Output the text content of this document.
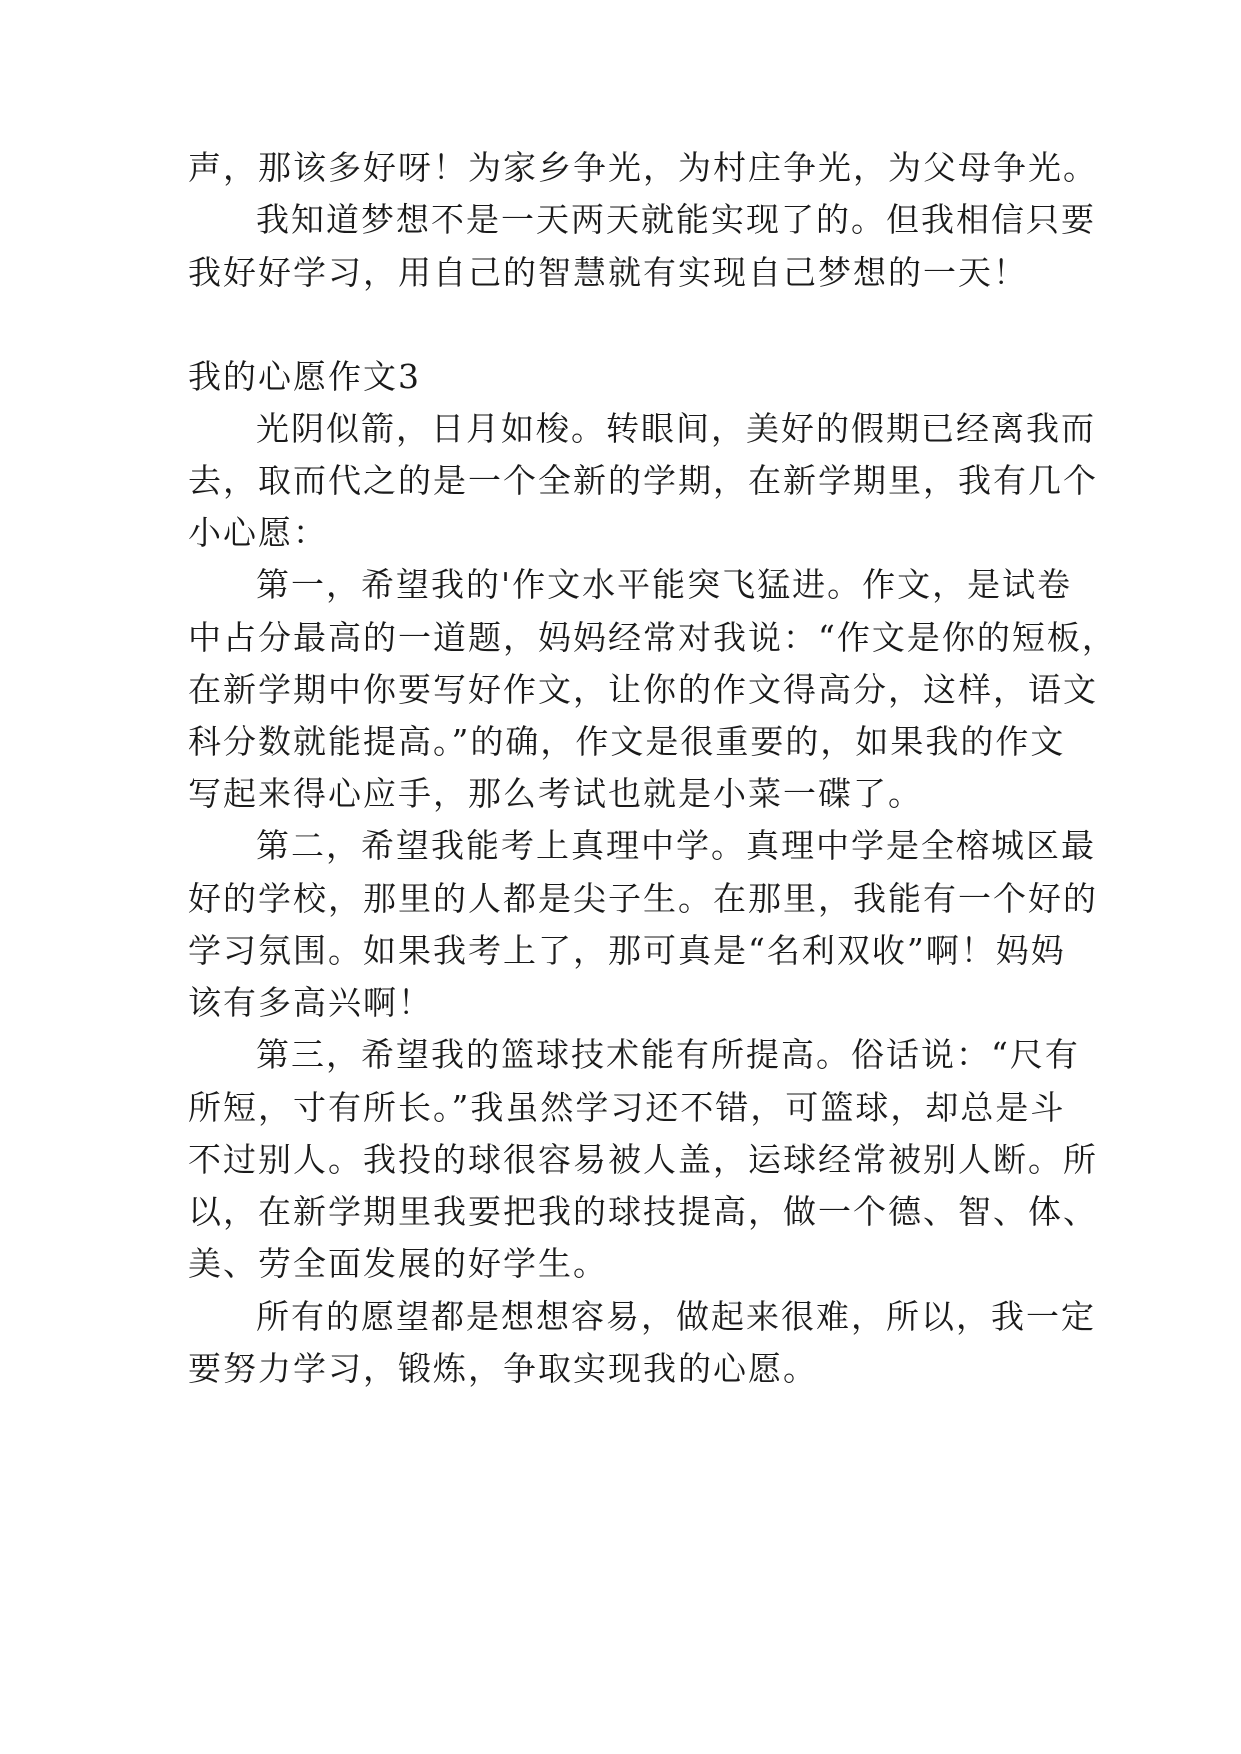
声，那该多好呀！为家乡争光，为村庄争光，为父母争光。
我知道梦想不是一天两天就能实现了的。但我相信只要
我好好学习，用自己的智慧就有实现自己梦想的一天！
我的心愿作文3
光阴似箭，日月如梭。转眼间，美好的假期已经离我而
去，取而代之的是一个全新的学期，在新学期里，我有几个
小心愿：
第一，希望我的'作文水平能突飞猛进。作文，是试卷
中占分最高的一道题，妈妈经常对我说：“作文是你的短板，
在新学期中你要写好作文，让你的作文得高分，这样，语文
科分数就能提高。”的确，作文是很重要的，如果我的作文
写起来得心应手，那么考试也就是小菜一碟了。
第二，希望我能考上真理中学。真理中学是全榕城区最
好的学校，那里的人都是尖子生。在那里，我能有一个好的
学习氛围。如果我考上了，那可真是“名利双收”啊！妈妈
该有多高兴啊！
第三，希望我的篮球技术能有所提高。俗话说：“尺有
所短，寸有所长。”我虽然学习还不错，可篮球，却总是斗
不过别人。我投的球很容易被人盖，运球经常被别人断。所
以，在新学期里我要把我的球技提高，做一个德、智、体、
美、劳全面发展的好学生。
所有的愿望都是想想容易，做起来很难，所以，我一定
要努力学习，锻炼，争取实现我的心愿。
